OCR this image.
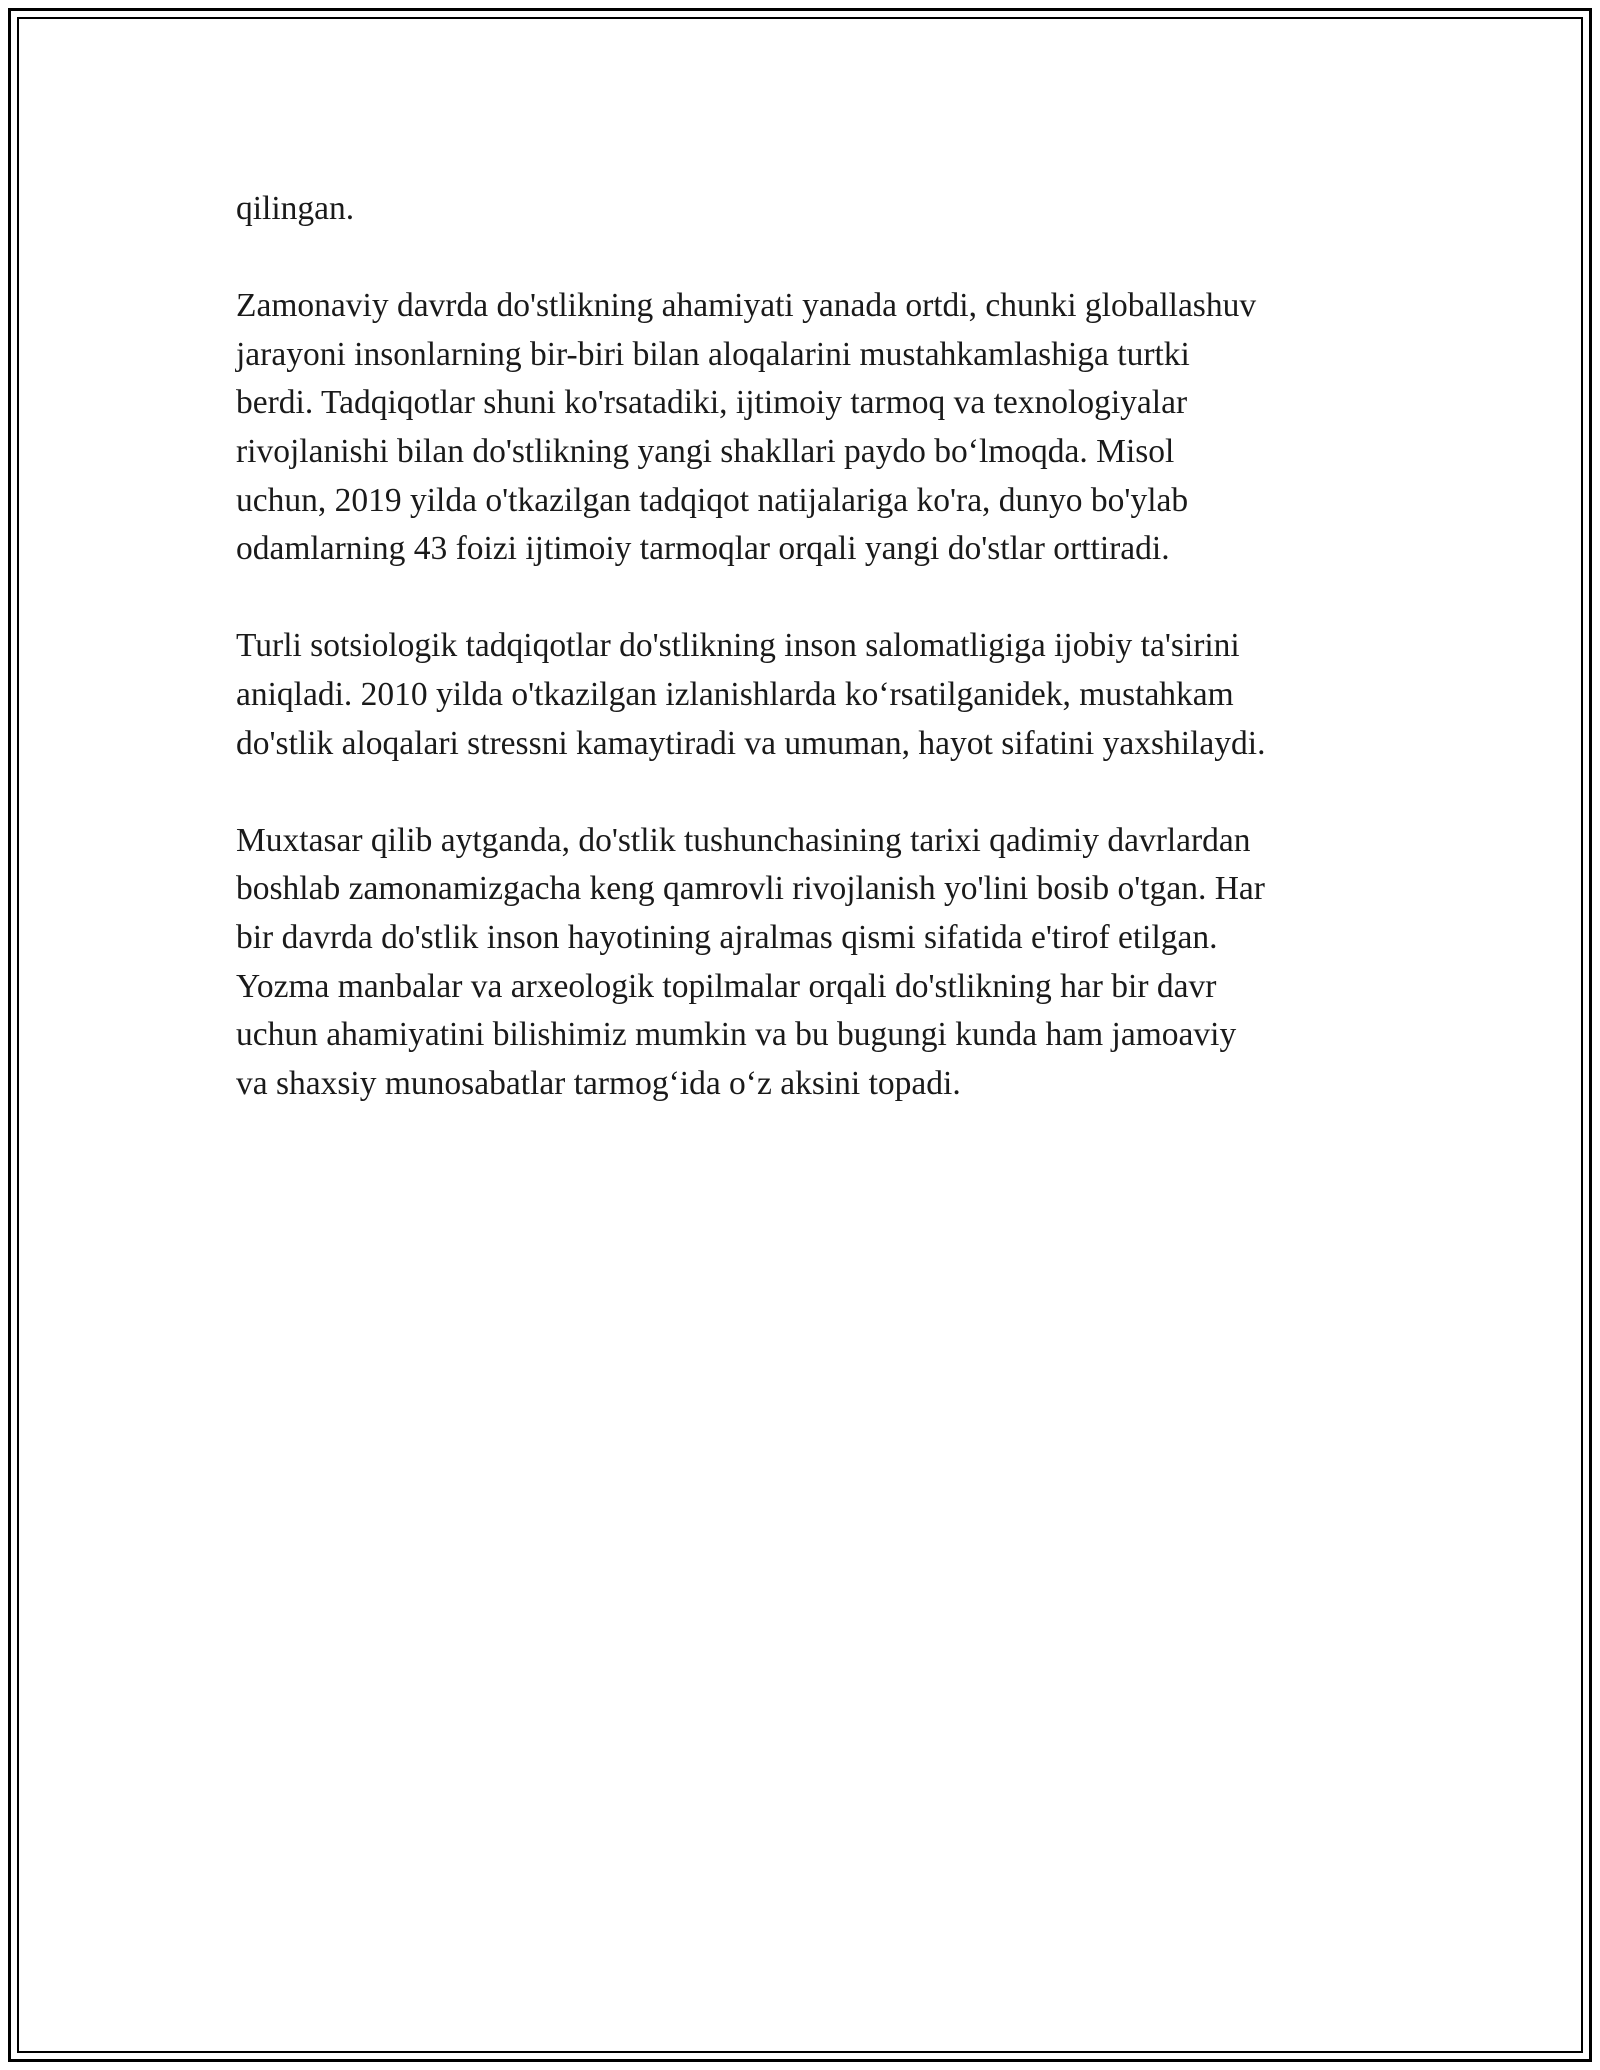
qilingan.

Zamonaviy davrda do'stlikning ahamiyati yanada ortdi, chunki globallashuv
jarayoni insonlarning bir-biri bilan aloqalarini mustahkamlashiga turtki
berdi. Tadqiqotlar shuni ko'rsatadiki, ijtimoiy tarmoq va texnologiyalar
rivojlanishi bilan do'stlikning yangi shakllari paydo bo‘lmoqda. Misol
uchun, 2019 yilda o'tkazilgan tadqiqot natijalariga ko'ra, dunyo bo'ylab
odamlarning 43 foizi ijtimoiy tarmoqlar orqali yangi do'stlar orttiradi.

Turli sotsiologik tadqiqotlar do'stlikning inson salomatligiga ijobiy ta'sirini
aniqladi. 2010 yilda o'tkazilgan izlanishlarda ko‘rsatilganidek, mustahkam
do'stlik aloqalari stressni kamaytiradi va umuman, hayot sifatini yaxshilaydi.

Muxtasar qilib aytganda, do'stlik tushunchasining tarixi qadimiy davrlardan
boshlab zamonamizgacha keng qamrovli rivojlanish yo'lini bosib o'tgan. Har
bir davrda do'stlik inson hayotining ajralmas qismi sifatida e'tirof etilgan.
Yozma manbalar va arxeologik topilmalar orqali do'stlikning har bir davr
uchun ahamiyatini bilishimiz mumkin va bu bugungi kunda ham jamoaviy
va shaxsiy munosabatlar tarmog‘ida o‘z aksini topadi.
